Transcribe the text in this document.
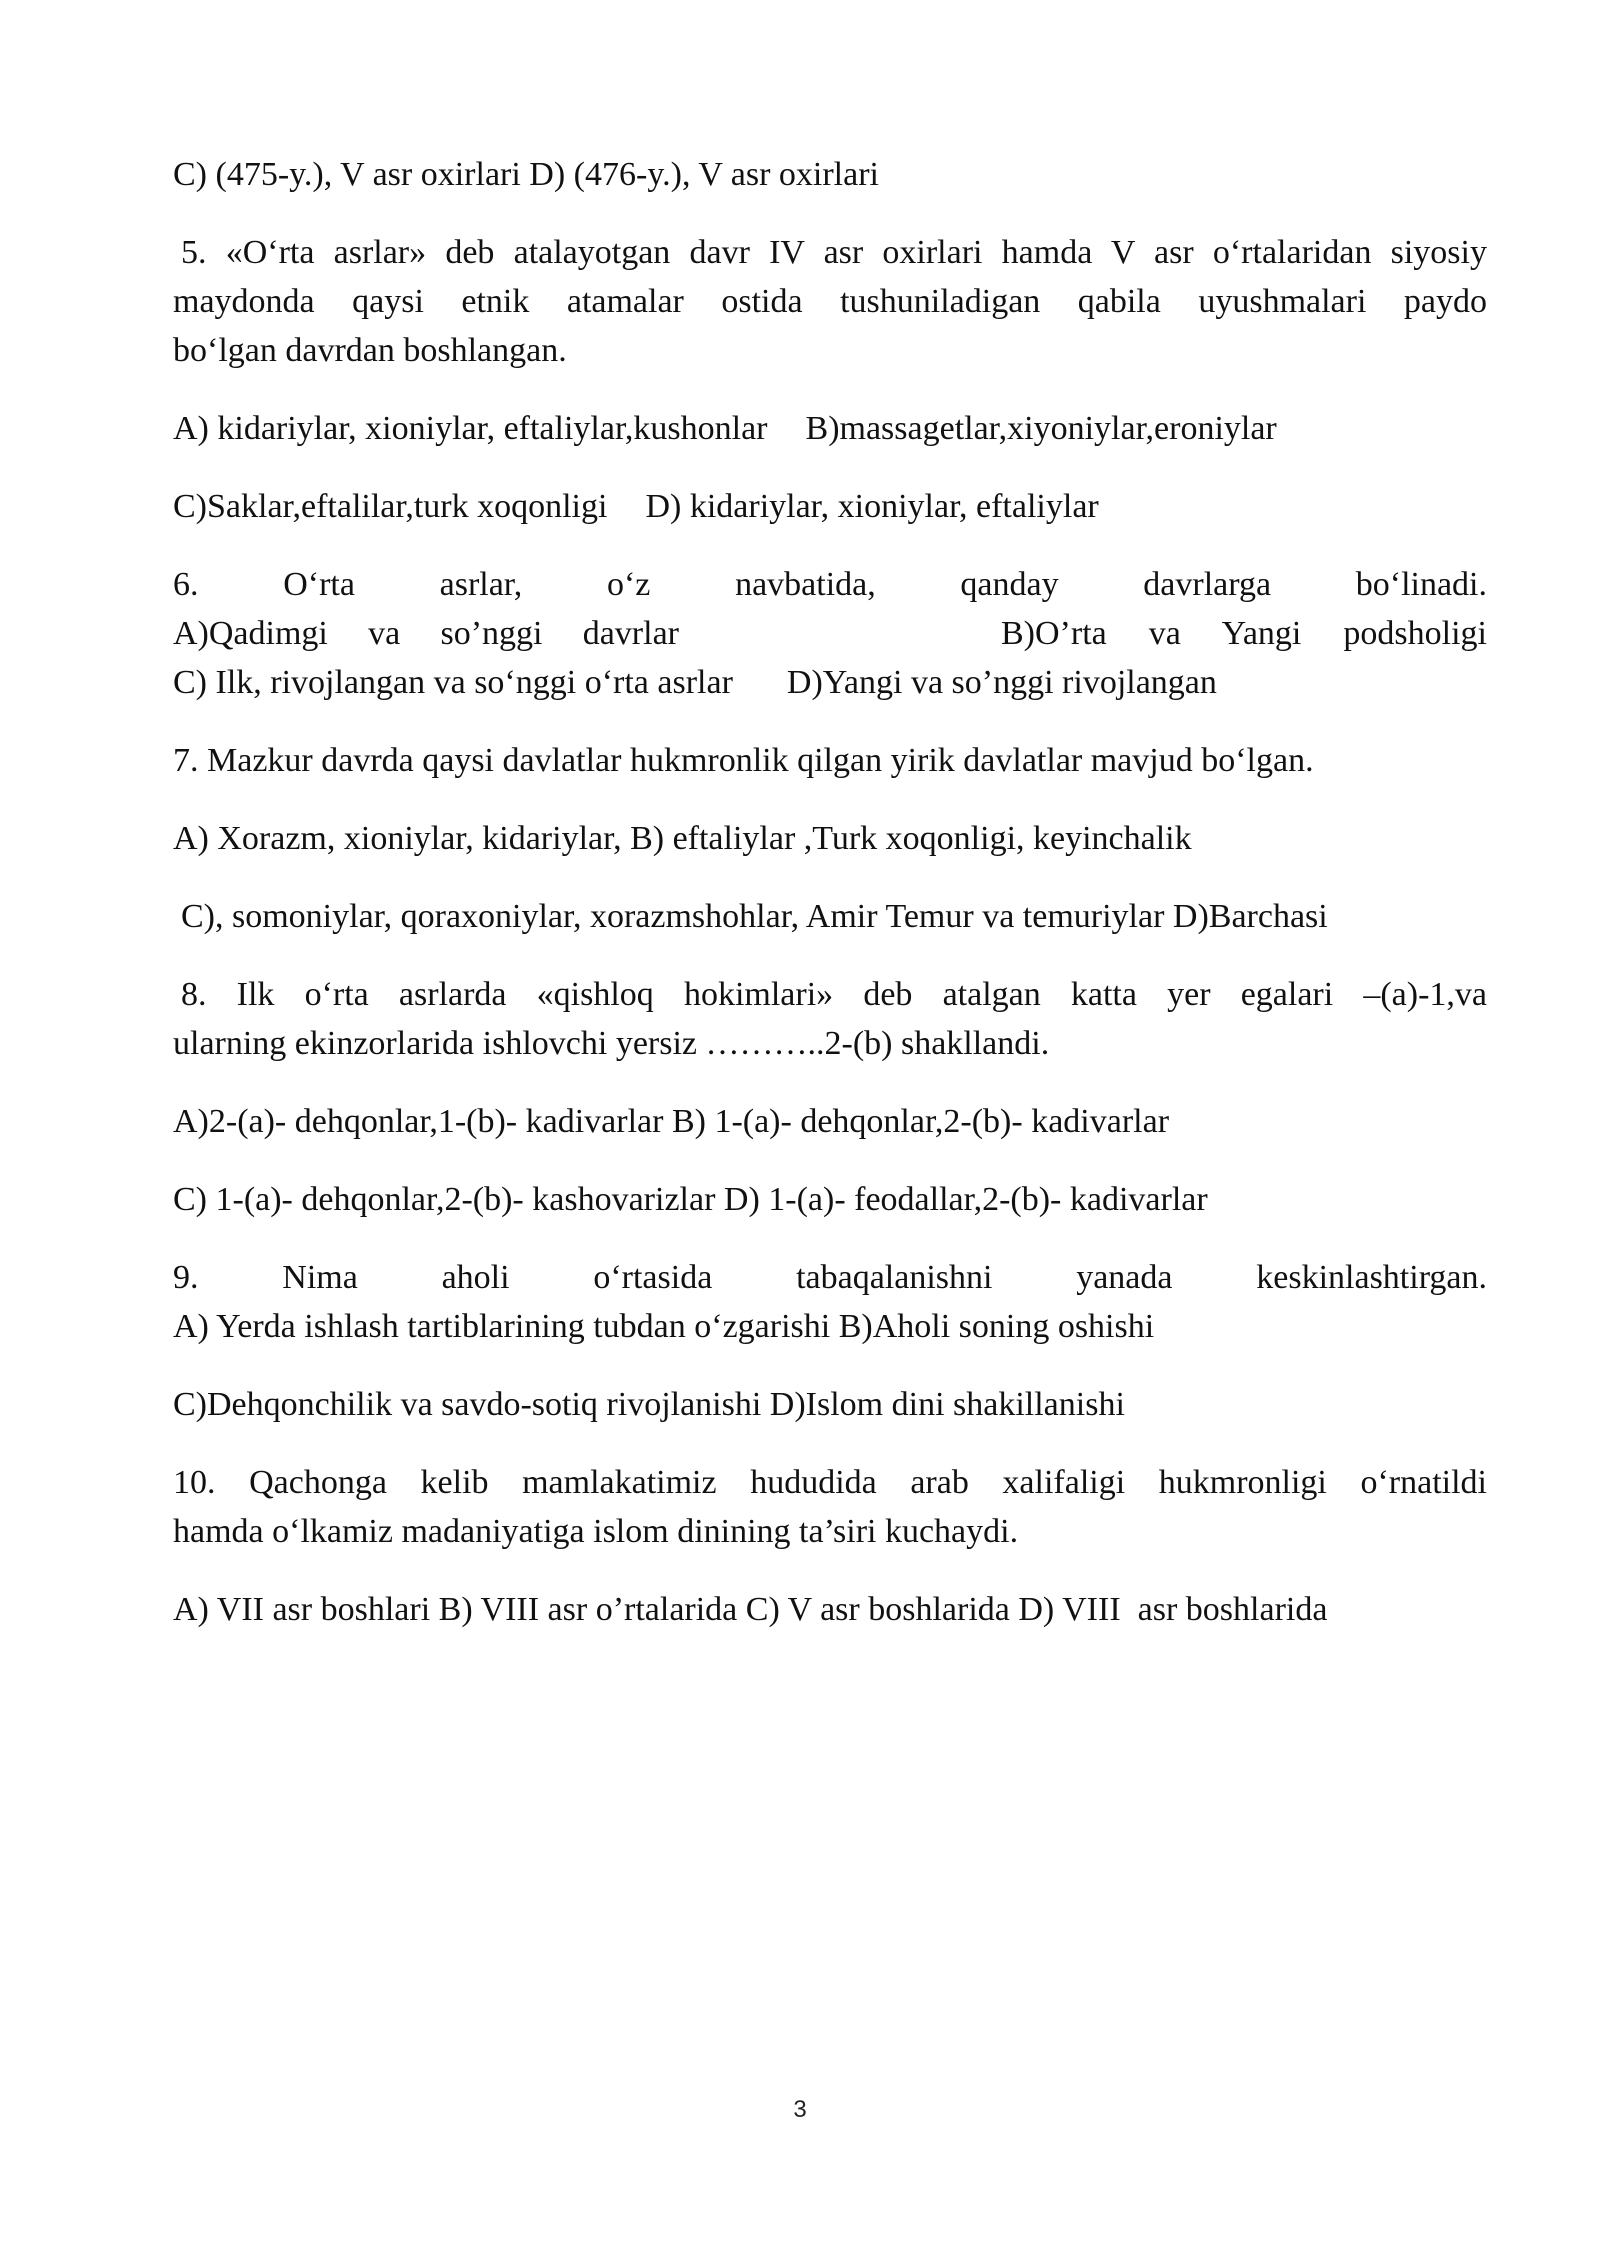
C) (475-y.), V asr oxirlari D) (476-y.), V asr oxirlari

5. «O‘rta asrlar» deb atalayotgan davr IV asr oxirlari hamda V asr o‘rtalaridan siyosiy
maydonda qaysi etnik atamalar ostida tushuniladigan qabila uyushmalari paydo
bo‘lgan davrdan boshlangan.

A) kidariylar, xioniylar, eftaliylar,kushonlar B)massagetlar,xiyoniylar,eroniylar

C)Saklar,eftalilar,turk xoqonligi D) kidariylar, xioniylar, eftaliylar

6. O‘rta asrlar, o‘z navbatida, qanday davrlarga bo‘linadi.
A)Qadimgi va so’nggi davrlar	B)O’rta va Yangi podsholigi
C) Ilk, rivojlangan va so‘nggi o‘rta asrlar D)Yangi va so’nggi rivojlangan

7. Mazkur davrda qaysi davlatlar hukmronlik qilgan yirik davlatlar mavjud bo‘lgan.

A) Xorazm, xioniylar, kidariylar, B) eftaliylar ,Turk xoqonligi, keyinchalik

C), somoniylar, qoraxoniylar, xorazmshohlar, Amir Temur va temuriylar D)Barchasi

8. Ilk o‘rta asrlarda «qishloq hokimlari» deb atalgan katta yer egalari –(a)-1,va
ularning ekinzorlarida ishlovchi yersiz ………..2-(b) shakllandi.

A)2-(a)- dehqonlar,1-(b)- kadivarlar B) 1-(a)- dehqonlar,2-(b)- kadivarlar

C) 1-(a)- dehqonlar,2-(b)- kashovarizlar D) 1-(a)- feodallar,2-(b)- kadivarlar

9. Nima aholi o‘rtasida tabaqalanishni yanada keskinlashtirgan.
A) Yerda ishlash tartiblarining tubdan o‘zgarishi B)Aholi soning oshishi

C)Dehqonchilik va savdo-sotiq rivojlanishi D)Islom dini shakillanishi

10. Qachonga kelib mamlakatimiz hududida arab xalifaligi hukmronligi o‘rnatildi
hamda o‘lkamiz madaniyatiga islom dinining ta’siri kuchaydi.

A) VII asr boshlari B) VIII asr o’rtalarida C) V asr boshlarida D) VIII  asr boshlarida

3
